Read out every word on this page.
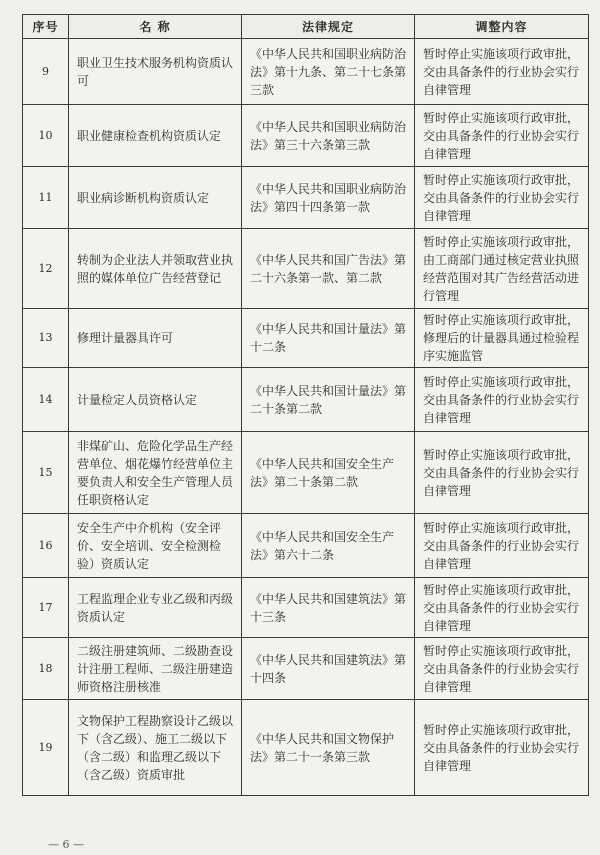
序号	名 称	法律规定	调整内容
9	职业卫生技术服务机构资质认可	《中华人民共和国职业病防治法》第十九条、第二十七条第三款	暂时停止实施该项行政审批，交由具备条件的行业协会实行自律管理
10	职业健康检查机构资质认定	《中华人民共和国职业病防治法》第三十六条第三款	暂时停止实施该项行政审批，交由具备条件的行业协会实行自律管理
11	职业病诊断机构资质认定	《中华人民共和国职业病防治法》第四十四条第一款	暂时停止实施该项行政审批，交由具备条件的行业协会实行自律管理
12	转制为企业法人并领取营业执照的媒体单位广告经营登记	《中华人民共和国广告法》第二十六条第一款、第二款	暂时停止实施该项行政审批，由工商部门通过核定营业执照经营范围对其广告经营活动进行管理
13	修理计量器具许可	《中华人民共和国计量法》第十二条	暂时停止实施该项行政审批，修理后的计量器具通过检验程序实施监管
14	计量检定人员资格认定	《中华人民共和国计量法》第二十条第二款	暂时停止实施该项行政审批，交由具备条件的行业协会实行自律管理
15	非煤矿山、危险化学品生产经营单位、烟花爆竹经营单位主要负责人和安全生产管理人员任职资格认定	《中华人民共和国安全生产法》第二十条第二款	暂时停止实施该项行政审批，交由具备条件的行业协会实行自律管理
16	安全生产中介机构（安全评价、安全培训、安全检测检验）资质认定	《中华人民共和国安全生产法》第六十二条	暂时停止实施该项行政审批，交由具备条件的行业协会实行自律管理
17	工程监理企业专业乙级和丙级资质认定	《中华人民共和国建筑法》第十三条	暂时停止实施该项行政审批，交由具备条件的行业协会实行自律管理
18	二级注册建筑师、二级勘查设计注册工程师、二级注册建造师资格注册核准	《中华人民共和国建筑法》第十四条	暂时停止实施该项行政审批，交由具备条件的行业协会实行自律管理
19	文物保护工程勘察设计乙级以下（含乙级）、施工二级以下（含二级）和监理乙级以下（含乙级）资质审批	《中华人民共和国文物保护法》第二十一条第三款	暂时停止实施该项行政审批，交由具备条件的行业协会实行自律管理
— 6 —
